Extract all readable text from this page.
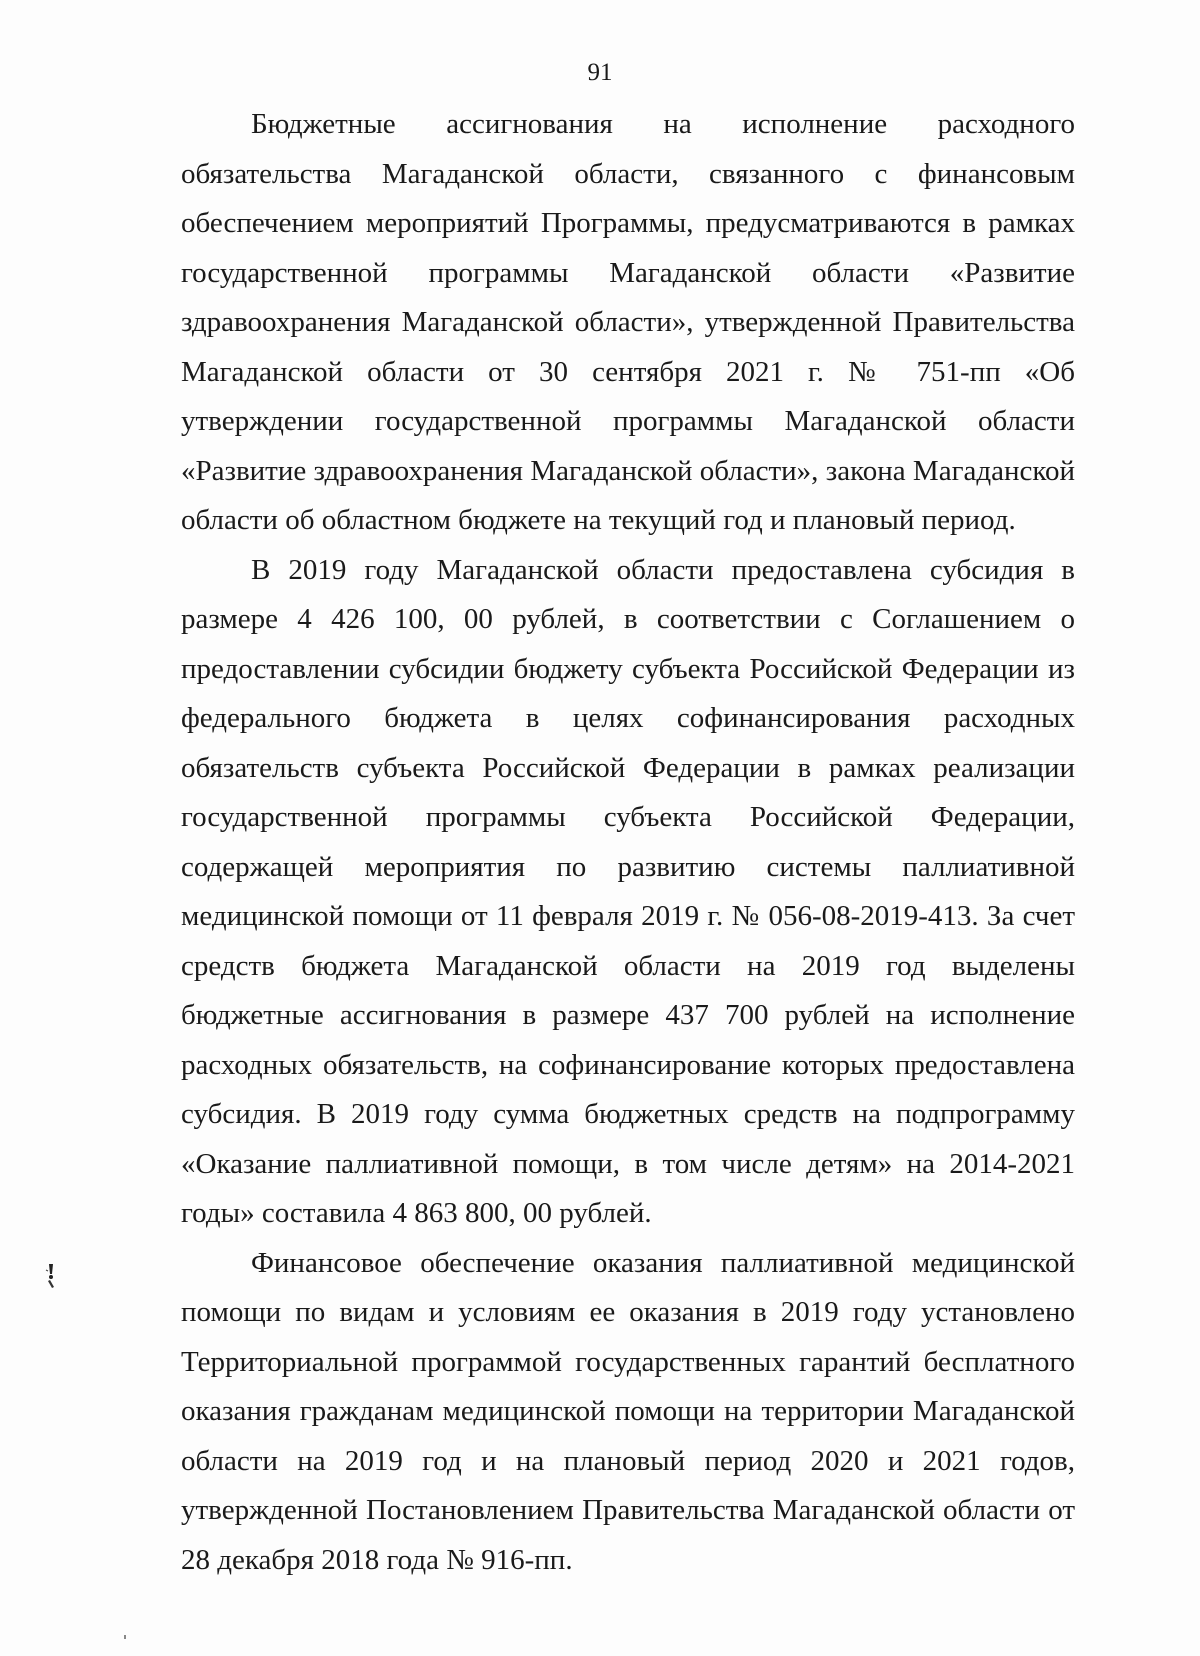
91

Бюджетные ассигнования на исполнение расходного обязательства Магаданской области, связанного с финансовым обеспечением мероприятий Программы, предусматриваются в рамках государственной программы Магаданской области «Развитие здравоохранения Магаданской области», утвержденной Правительства Магаданской области от 30 сентября 2021 г. № 751-пп «Об утверждении государственной программы Магаданской области «Развитие здравоохранения Магаданской области», закона Магаданской области об областном бюджете на текущий год и плановый период.

В 2019 году Магаданской области предоставлена субсидия в размере 4 426 100, 00 рублей, в соответствии с Соглашением о предоставлении субсидии бюджету субъекта Российской Федерации из федерального бюджета в целях софинансирования расходных обязательств субъекта Российской Федерации в рамках реализации государственной программы субъекта Российской Федерации, содержащей мероприятия по развитию системы паллиативной медицинской помощи от 11 февраля 2019 г. № 056-08-2019-413. За счет средств бюджета Магаданской области на 2019 год выделены бюджетные ассигнования в размере 437 700 рублей на исполнение расходных обязательств, на софинансирование которых предоставлена субсидия. В 2019 году сумма бюджетных средств на подпрограмму «Оказание паллиативной помощи, в том числе детям» на 2014-2021 годы» составила 4 863 800, 00 рублей.

Финансовое обеспечение оказания паллиативной медицинской помощи по видам и условиям ее оказания в 2019 году установлено Территориальной программой государственных гарантий бесплатного оказания гражданам медицинской помощи на территории Магаданской области на 2019 год и на плановый период 2020 и 2021 годов, утвержденной Постановлением Правительства Магаданской области от 28 декабря 2018 года № 916-пп.
